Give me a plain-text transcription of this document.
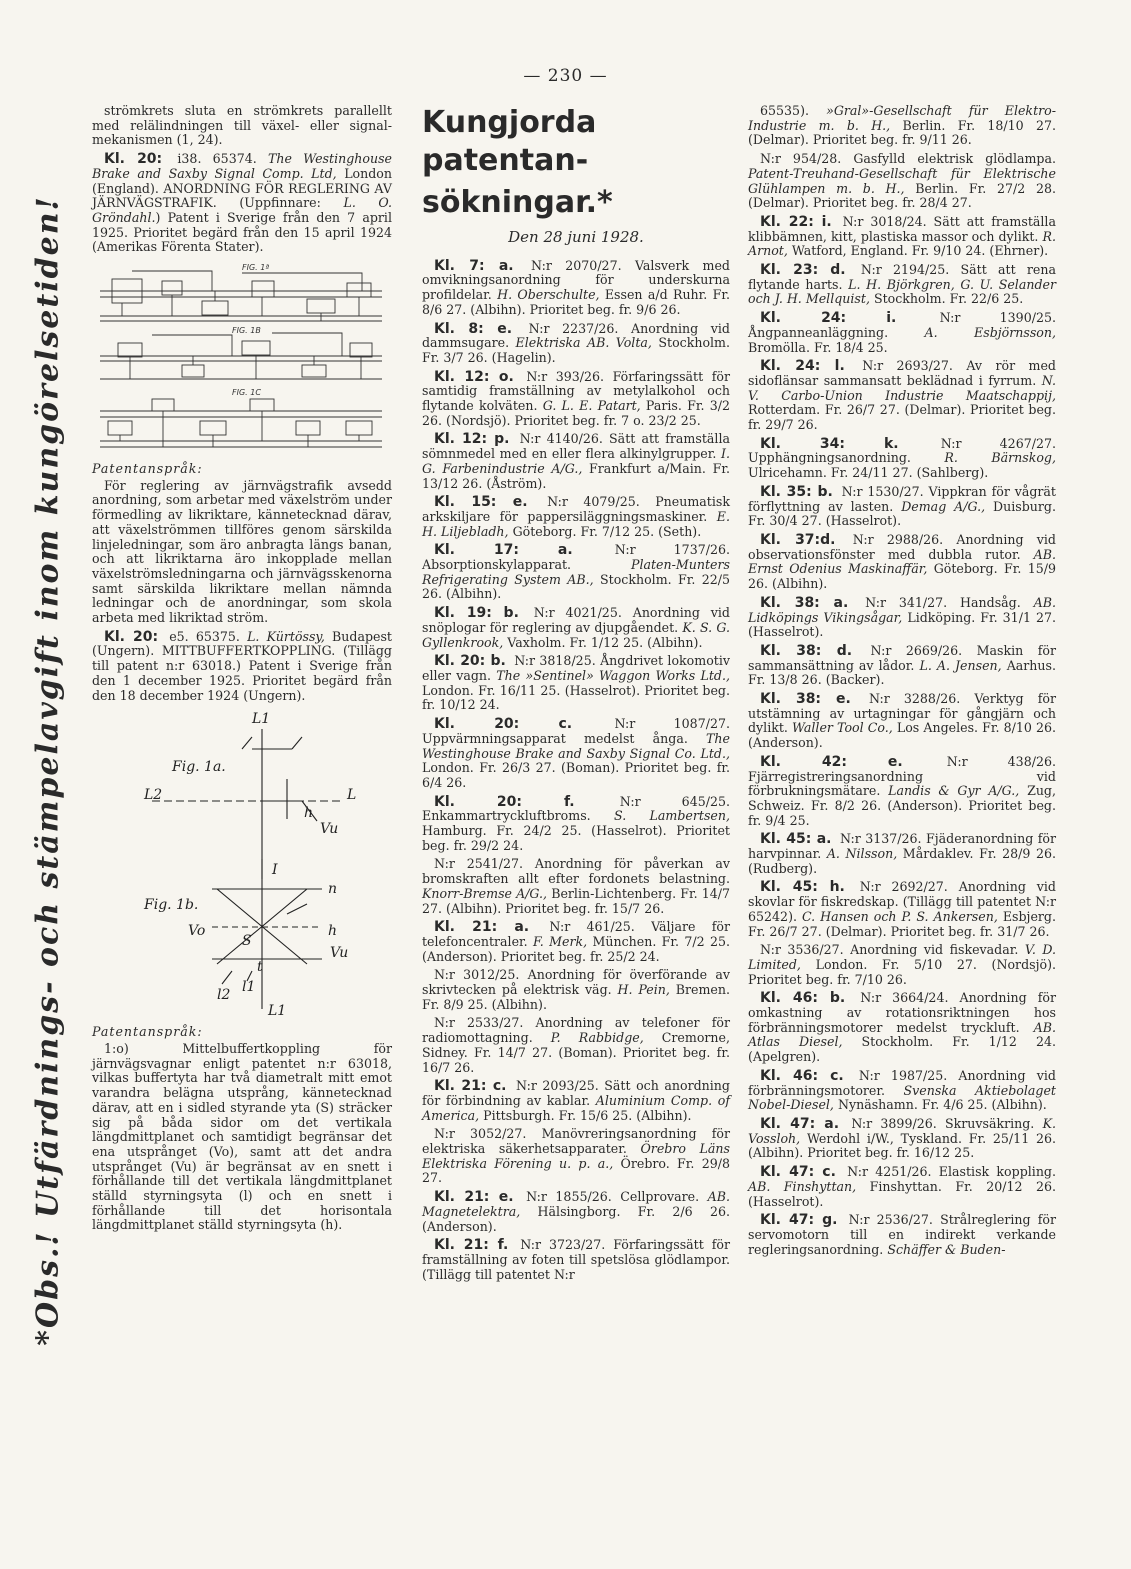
— 230 —
*Obs.! Utfärdnings- och stämpelavgift inom kungörelsetiden!

strömkrets sluta en strömkrets parallellt med relälindningen till växel- eller signalmekanismen (1, 24).

Kl. 20: i38. 65374. The Westinghouse Brake and Saxby Signal Comp. Ltd, London (England). ANORDNING FÖR REGLERING AV JÄRNVÄGSTRAFIK. (Uppfinnare: L. O. Gröndahl.) Patent i Sverige från den 7 april 1925. Prioritet begärd från den 15 april 1924 (Amerikas Förenta Stater).

FIG. 1ª
FIG. 1B
FIG. 1C

Patentanspråk:

För reglering av järnvägstrafik avsedd anordning, som arbetar med växelström under förmedling av likriktare, kännetecknad därav, att växelströmmen tillföres genom särskilda linjeledningar, som äro anbragta längs banan, och att likriktarna äro inkopplade mellan växelströmsledningarna och järnvägsskenorna samt särskilda likriktare mellan nämnda ledningar och de anordningar, som skola arbeta med likriktad ström.

Kl. 20: e5. 65375. L. Kürtössy, Budapest (Ungern). MITTBUFFERTKOPPLING. (Tillägg till patent n:r 63018.) Patent i Sverige från den 1 december 1925. Prioritet begärd från den 18 december 1924 (Ungern).

Fig. 1a.
L1
L2	L
h
Vu
I
Fig. 1b.
n
Vo
S
h
Vu
t
l2 l1
L1

Patentanspråk:

1:o) Mittelbuffertkoppling för järnvägsvagnar enligt patentet n:r 63018, vilkas buffertyta har två diametralt mitt emot varandra belägna utsprång, kännetecknad därav, att en i sidled styrande yta (S) sträcker sig på båda sidor om det vertikala längdmittplanet och samtidigt begränsar det ena utsprånget (Vo), samt att det andra utsprånget (Vu) är begränsat av en snett i förhållande till det vertikala längdmittplanet ställd styrningsyta (l) och en snett i förhållande till det horisontala längdmittplanet ställd styrningsyta (h).

Kungjorda patentan-

sökningar.*

Den 28 juni 1928.

Kl. 7: a. N:r 2070/27. Valsverk med omvikningsanordning för underskurna profildelar. H. Oberschulte, Essen a/d Ruhr. Fr. 8/6 27. (Albihn). Prioritet beg. fr. 9/6 26.

Kl. 8: e. N:r 2237/26. Anordning vid dammsugare. Elektriska AB. Volta, Stockholm. Fr. 3/7 26. (Hagelin).

Kl. 12: o. N:r 393/26. Förfaringssätt för samtidig framställning av metylalkohol och flytande kolväten. G. L. E. Patart, Paris. Fr. 3/2 26. (Nordsjö). Prioritet beg. fr. 7 o. 23/2 25.

Kl. 12: p. N:r 4140/26. Sätt att framställa sömnmedel med en eller flera alkinylgrupper. I. G. Farbenindustrie A/G., Frankfurt a/Main. Fr. 13/12 26. (Åström).

Kl. 15: e. N:r 4079/25. Pneumatisk arkskiljare för pappersiläggningsmaskiner. E. H. Liljebladh, Göteborg. Fr. 7/12 25. (Seth).

Kl. 17: a.	N:r 1737/26. Absorptionskylapparat.	Platen-Munters Refrigerating System AB., Stockholm. Fr. 22/5 26. (Albihn).

Kl. 19: b. N:r 4021/25. Anordning vid snöplogar för reglering av djupgåendet. K. S. G. Gyllenkrook, Vaxholm. Fr. 1/12 25. (Albihn).

Kl. 20: b. N:r 3818/25. Ångdrivet lokomotiv eller vagn. The »Sentinel» Waggon Works Ltd., London. Fr. 16/11 25. (Hasselrot). Prioritet beg. fr. 10/12 24.

Kl. 20: c.	N:r 1087/27. Uppvärmningsapparat medelst ånga. The Westinghouse Brake and Saxby Signal Co. Ltd., London. Fr. 26/3 27. (Boman). Prioritet beg. fr. 6/4 26.

Kl. 20: f.	N:r 645/25. Enkammartryckluftbroms. S. Lambertsen, Hamburg. Fr. 24/2 25. (Hasselrot). Prioritet beg. fr. 29/2 24.

N:r 2541/27. Anordning för påverkan av bromskraften allt efter fordonets belastning. Knorr-Bremse A/G., Berlin-Lichtenberg. Fr. 14/7 27. (Albihn). Prioritet beg. fr. 15/7 26.

Kl. 21: a. N:r 461/25. Väljare för telefoncentraler. F. Merk, München. Fr. 7/2 25. (Anderson). Prioritet beg. fr. 25/2 24.

N:r 3012/25. Anordning för överförande av skrivtecken på elektrisk väg. H. Pein, Bremen. Fr. 8/9 25. (Albihn).

N:r 2533/27. Anordning av telefoner för radiomottagning. P. Rabbidge, Cremorne, Sidney. Fr. 14/7 27. (Boman). Prioritet beg. fr. 16/7 26.

Kl. 21: c. N:r 2093/25. Sätt och anordning för förbindning av kablar. Aluminium Comp. of America, Pittsburgh. Fr. 15/6 25. (Albihn).

N:r 3052/27. Manövreringsanordning för elektriska säkerhetsapparater. Örebro Läns Elektriska Förening u. p. a., Örebro. Fr. 29/8 27.

Kl. 21: e. N:r 1855/26. Cellprovare. AB. Magnetelektra, Hälsingborg. Fr. 2/6 26. (Anderson).

Kl. 21: f. N:r 3723/27. Förfaringssätt för framställning av foten till spetslösa glödlampor. (Tillägg till patentet N:r

65535). »Gral»-Gesellschaft für Elektro-Industrie m. b. H., Berlin. Fr. 18/10 27. (Delmar). Prioritet beg. fr. 9/11 26.

N:r 954/28. Gasfylld elektrisk glödlampa. Patent-Treuhand-Gesellschaft für Elektrische Glühlampen m. b. H., Berlin. Fr. 27/2 28. (Delmar). Prioritet beg. fr. 28/4 27.

Kl. 22: i. N:r 3018/24. Sätt att framställa klibbämnen, kitt, plastiska massor och dylikt. R. Arnot, Watford, England. Fr. 9/10 24. (Ehrner).

Kl. 23: d. N:r 2194/25. Sätt att rena flytande harts. L. H. Björkgren, G. U. Selander och J. H. Mellquist, Stockholm. Fr. 22/6 25.

Kl. 24: i.	N:r 1390/25. Ångpanneanläggning.	A. Esbjörnsson, Bromölla. Fr. 18/4 25.

Kl. 24: l. N:r 2693/27. Av rör med sidoflänsar sammansatt beklädnad i fyrrum. N. V. Carbo-Union Industrie Maatschappij, Rotterdam. Fr. 26/7 27. (Delmar). Prioritet beg. fr. 29/7 26.

Kl. 34: k.	N:r 4267/27. Upphängningsanordning.	R. Bärnskog, Ulricehamn. Fr. 24/11 27. (Sahlberg).

Kl. 35: b. N:r 1530/27. Vippkran för vågrät förflyttning av lasten. Demag A/G., Duisburg. Fr. 30/4 27. (Hasselrot).

Kl. 37:d. N:r 2988/26. Anordning vid observationsfönster med dubbla rutor. AB. Ernst Odenius Maskinaffär, Göteborg. Fr. 15/9 26. (Albihn).

Kl. 38: a. N:r 341/27. Handsåg. AB. Lidköpings Vikingsågar, Lidköping. Fr. 31/1 27. (Hasselrot).

Kl. 38: d. N:r 2669/26. Maskin för sammansättning av lådor. L. A. Jensen, Aarhus. Fr. 13/8 26. (Backer).

Kl. 38: e. N:r 3288/26. Verktyg för utstämning av urtagningar för gångjärn och dylikt. Waller Tool Co., Los Angeles. Fr. 8/10 26. (Anderson).

Kl. 42: e.	N:r 438/26. Fjärregistreringsanordning vid förbrukningsmätare. Landis & Gyr A/G., Zug, Schweiz. Fr. 8/2 26. (Anderson). Prioritet beg. fr. 9/4 25.

Kl. 45: a. N:r 3137/26. Fjäderanordning för harvpinnar. A. Nilsson, Mårdaklev. Fr. 28/9 26. (Rudberg).

Kl. 45: h. N:r 2692/27. Anordning vid skovlar för fiskredskap. (Tillägg till patentet N:r 65242). C. Hansen och P. S. Ankersen, Esbjerg. Fr. 26/7 27. (Delmar). Prioritet beg. fr. 31/7 26.

N:r 3536/27. Anordning vid fiskevadar. V. D. Limited, London. Fr. 5/10 27. (Nordsjö). Prioritet beg. fr. 7/10 26.

Kl. 46: b. N:r 3664/24. Anordning för omkastning av rotationsriktningen hos förbränningsmotorer medelst tryckluft. AB. Atlas Diesel, Stockholm. Fr. 1/12 24. (Apelgren).

Kl. 46: c. N:r 1987/25. Anordning vid förbränningsmotorer. Svenska Aktiebolaget Nobel-Diesel, Nynäshamn. Fr. 4/6 25. (Albihn).

Kl. 47: a. N:r 3899/26. Skruvsäkring. K. Vossloh, Werdohl i/W., Tyskland. Fr. 25/11 26. (Albihn). Prioritet beg. fr. 16/12 25.

Kl. 47: c. N:r 4251/26. Elastisk koppling. AB. Finshyttan, Finshyttan. Fr. 20/12 26. (Hasselrot).

Kl. 47: g. N:r 2536/27. Strålreglering för servomotorn till en indirekt verkande regleringsanordning. Schäffer & Buden-
